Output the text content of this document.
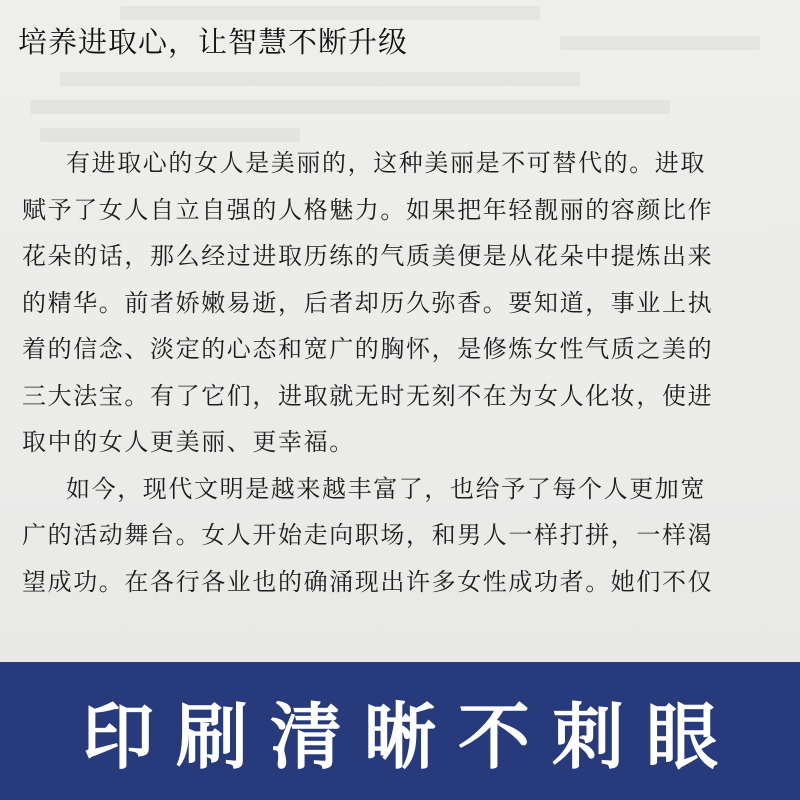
培养进取心，让智慧不断升级
有进取心的女人是美丽的，这种美丽是不可替代的。进取
赋予了女人自立自强的人格魅力。如果把年轻靓丽的容颜比作
花朵的话，那么经过进取历练的气质美便是从花朵中提炼出来
的精华。前者娇嫩易逝，后者却历久弥香。要知道，事业上执
着的信念、淡定的心态和宽广的胸怀，是修炼女性气质之美的
三大法宝。有了它们，进取就无时无刻不在为女人化妆，使进
取中的女人更美丽、更幸福。
如今，现代文明是越来越丰富了，也给予了每个人更加宽
广的活动舞台。女人开始走向职场，和男人一样打拼，一样渴
望成功。在各行各业也的确涌现出许多女性成功者。她们不仅
印刷清晰不刺眼
